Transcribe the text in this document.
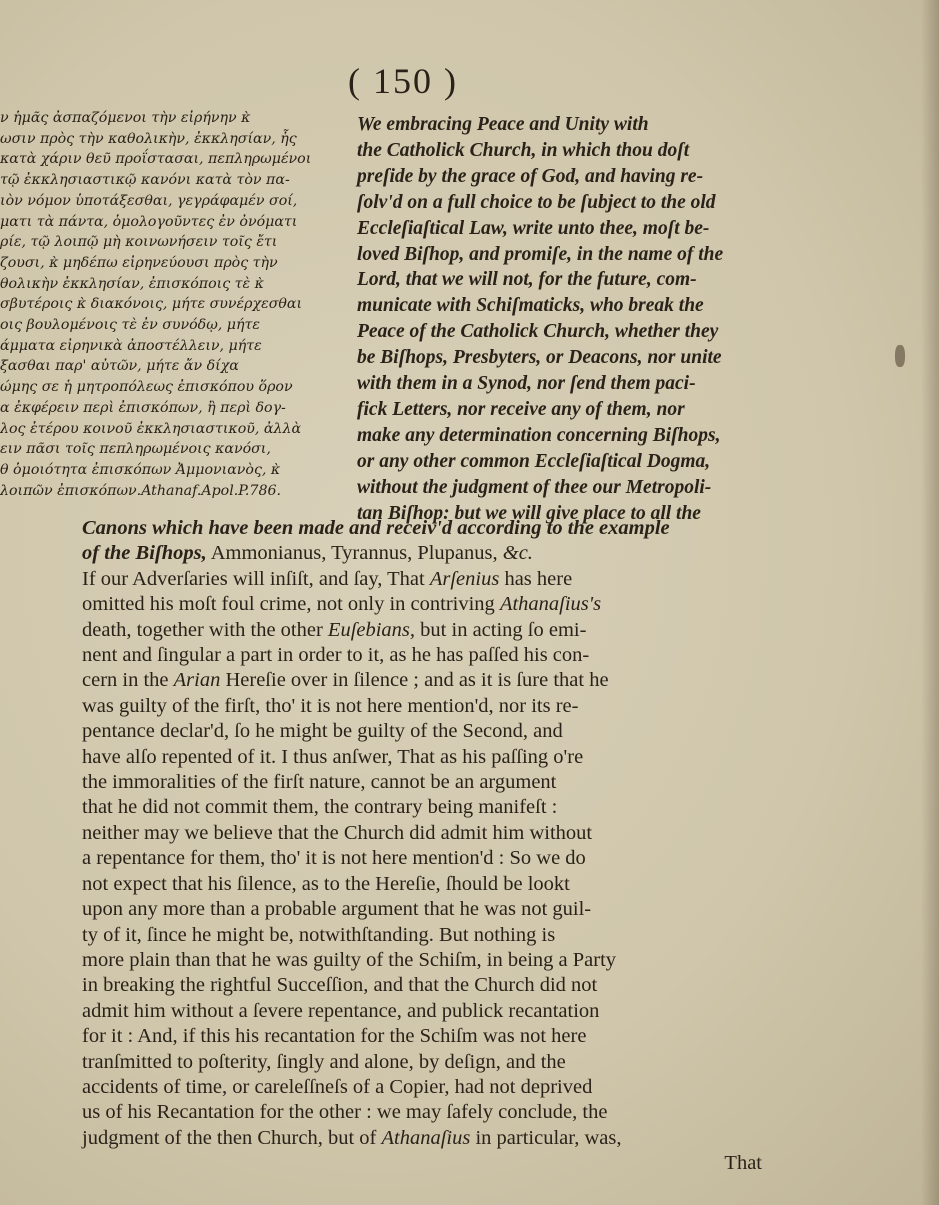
( 150 )
ν ἡμᾶς ἀσπαζόμενοι τὴν εἰρήνην κ̀
ωσιν πρὸς τὴν καθολικὴν, ἐκκλησίαν, ἧς
κατὰ χάριν θεῦ προΐστασαι, πεπληρωμένοι
τῷ ἐκκλησιαστικῷ κανόνι κατὰ τὸν πα-
ιὸν νόμον ὑποτάξεσθαι, γεγράφαμέν σοί,
ματι τὰ πάντα, ὁμολογοῦντες ἐν ὀνόματι
ρίε, τῷ λοιπῷ μὴ κοινωνήσειν τοῖς ἔτι
ζουσι, κ̀ μηδέπω εἰρηνεύουσι πρὸς τὴν
θολικὴν ἐκκλησίαν, ἐπισκόποις τὲ κ̀
σβυτέροις κ̀ διακόνοις, μήτε συνέρχεσθαι
οις βουλομένοις τὲ ἐν συνόδῳ, μήτε
άμματα εἰρηνικὰ ἀποστέλλειν, μήτε
ξασθαι παρ' αὐτῶν, μήτε ἄν δίχα
ώμης σε ἡ μητροπόλεως ἐπισκόπου ὅρον
α ἐκφέρειν περὶ ἐπισκόπων, ἢ περὶ δογ-
λος ἑτέρου κοινοῦ ἐκκλησιαστικοῦ, ἀλλὰ
ειν πᾶσι τοῖς πεπληρωμένοις κανόσι,
θ ὁμοιότητα ἐπισκόπων Ἀμμονιανὸς, κ̀
λοιπῶν ἐπισκόπων.Athanaf.Apol.P.786.
We embracing Peace and Unity with
the Catholick Church, in which thou doſt
preſide by the grace of God, and having re-
ſolv'd on a full choice to be ſubject to the old
Eccleſiaſtical Law, write unto thee, moſt be-
loved Biſhop, and promiſe, in the name of the
Lord, that we will not, for the future, com-
municate with Schiſmaticks, who break the
Peace of the Catholick Church, whether they
be Biſhops, Presbyters, or Deacons, nor unite
with them in a Synod, nor ſend them paci-
fick Letters, nor receive any of them, nor
make any determination concerning Biſhops,
or any other common Eccleſiaſtical Dogma,
without the judgment of thee our Metropoli-
tan Biſhop: but we will give place to all the
Canons which have been made and receiv'd according to the example
of the Biſhops, Ammonianus, Tyrannus, Plupanus, &c.
If our Adverſaries will inſiſt, and ſay, That Arſenius has here
omitted his moſt foul crime, not only in contriving Athanaſius's
death, together with the other Euſebians, but in acting ſo emi-
nent and ſingular a part in order to it, as he has paſſed his con-
cern in the Arian Hereſie over in ſilence ; and as it is ſure that he
was guilty of the firſt, tho' it is not here mention'd, nor its re-
pentance declar'd, ſo he might be guilty of the Second, and
have alſo repented of it. I thus anſwer, That as his paſſing o're
the immoralities of the firſt nature, cannot be an argument
that he did not commit them, the contrary being manifeſt :
neither may we believe that the Church did admit him without
a repentance for them, tho' it is not here mention'd : So we do
not expect that his ſilence, as to the Hereſie, ſhould be lookt
upon any more than a probable argument that he was not guil-
ty of it, ſince he might be, notwithſtanding. But nothing is
more plain than that he was guilty of the Schiſm, in being a Party
in breaking the rightful Succeſſion, and that the Church did not
admit him without a ſevere repentance, and publick recantation
for it : And, if this his recantation for the Schiſm was not here
tranſmitted to poſterity, ſingly and alone, by deſign, and the
accidents of time, or careleſſneſs of a Copier, had not deprived
us of his Recantation for the other : we may ſafely conclude, the
judgment of the then Church, but of Athanaſius in particular, was,
That
